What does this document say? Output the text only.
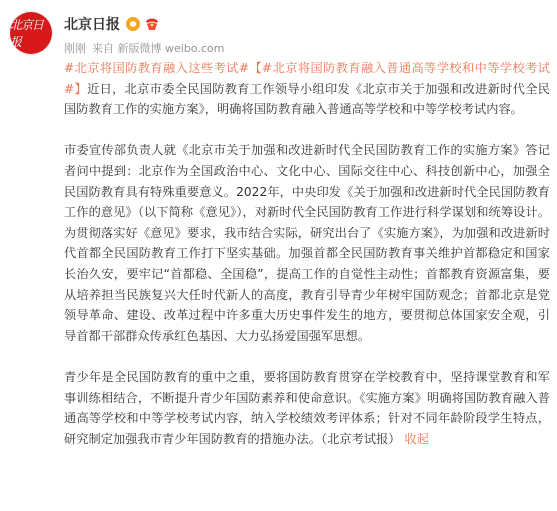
北京日报
北京日报
刚刚 来自 新版微博 weibo.com

#北京将国防教育融入这些考试#【#北京将国防教育融入普通高等学校和中等学校考试#】近日，北京市委全民国防教育工作领导小组印发《北京市关于加强和改进新时代全民国防教育工作的实施方案》，明确将国防教育融入普通高等学校和中等学校考试内容。

市委宣传部负责人就《北京市关于加强和改进新时代全民国防教育工作的实施方案》答记者问中提到：北京作为全国政治中心、文化中心、国际交往中心、科技创新中心，加强全民国防教育具有特殊重要意义。2022年，中央印发《关于加强和改进新时代全民国防教育工作的意见》（以下简称《意见》），对新时代全民国防教育工作进行科学谋划和统筹设计。为贯彻落实好《意见》要求，我市结合实际，研究出台了《实施方案》，为加强和改进新时代首都全民国防教育工作打下坚实基础。加强首都全民国防教育事关维护首都稳定和国家长治久安，要牢记“首都稳、全国稳”，提高工作的自觉性主动性；首都教育资源富集，要从培养担当民族复兴大任时代新人的高度，教育引导青少年树牢国防观念；首都北京是党领导革命、建设、改革过程中许多重大历史事件发生的地方，要贯彻总体国家安全观，引导首都干部群众传承红色基因、大力弘扬爱国强军思想。

青少年是全民国防教育的重中之重，要将国防教育贯穿在学校教育中，坚持课堂教育和军事训练相结合，不断提升青少年国防素养和使命意识。《实施方案》明确将国防教育融入普通高等学校和中等学校考试内容，纳入学校绩效考评体系；针对不同年龄阶段学生特点，研究制定加强我市青少年国防教育的措施办法。（北京考试报） 收起
